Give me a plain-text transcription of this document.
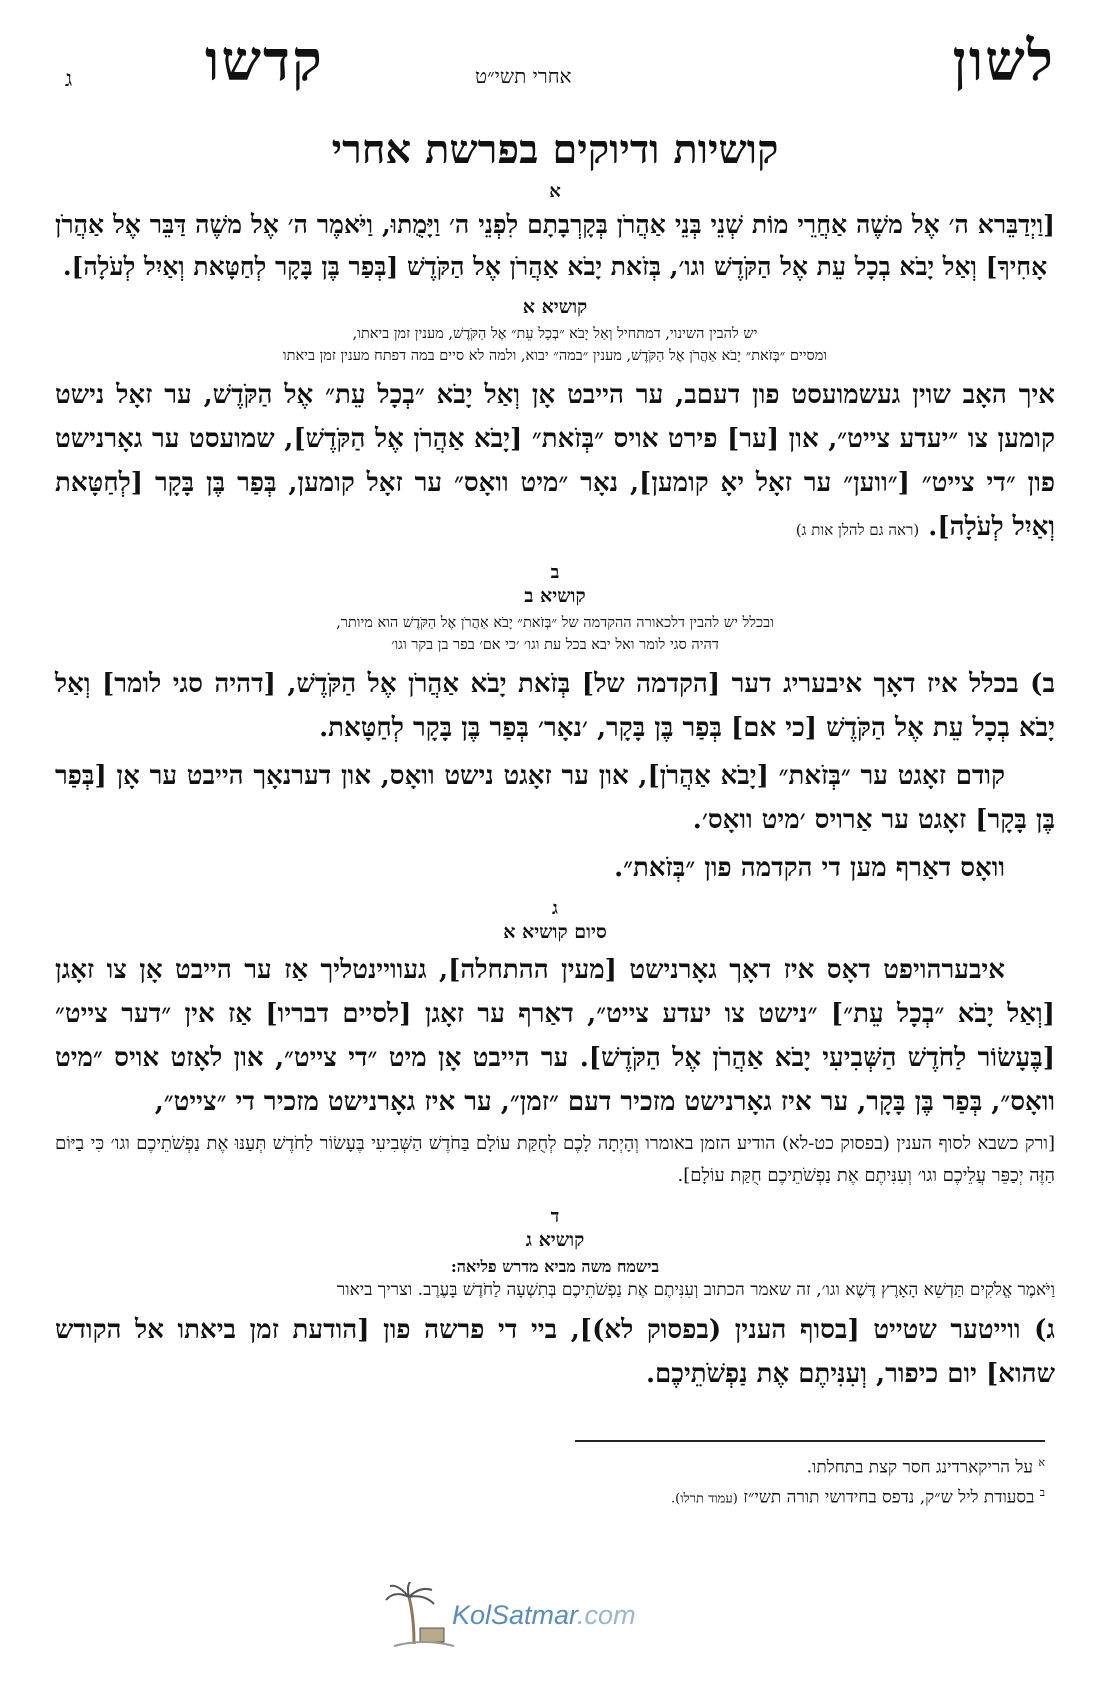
לשון
אחרי תשי״ט
קדשו
ג
קושיות ודיוקים בפרשת אחרי
א
[וַיְדַבֵּרא ה׳ אֶל משֶׁה אַחֲרֵי מוֹת שְׁנֵי בְּנֵי אַהֲרֹן בְּקָרְבָתָם לִפְנֵי ה׳ וַיָּמֻתוּ, וַיֹּאמֶר ה׳ אֶל משֶׁה דַּבֵּר אֶל אַהֲרֹן אָחִיךָ] וְאַל יָבֹא בְכָל עֵת אֶל הַקֹּדֶשׁ וגו׳, בְּזֹאת יָבֹא אַהֲרֹן אֶל הַקֹּדֶשׁ [בְּפַר בֶּן בָּקָר לְחַטָּאת וְאַיִל לְעֹלָה].
קושיא א
יש להבין השינוי, דמתחיל וְאַל יָבֹא ״בְכָל עֵת״ אֶל הַקֹּדֶשׁ, מענין זמן ביאתו,
ומסיים ״בְּזֹאת״ יָבֹא אַהֲרֹן אֶל הַקֹּדֶשׁ, מענין ״במה״ יבוא, ולמה לא סיים במה דפתח מענין זמן ביאתו
איך האָב שוין געשמועסט פון דעםב, ער הייבט אָן וְאַל יָבֹא ״בְכָל עֵת״ אֶל הַקֹּדֶשׁ, ער זאָל נישט קומען צו ״יעדע צייט״, און [ער] פירט אויס ״בְּזֹאת״ [יָבֹא אַהֲרֹן אֶל הַקֹּדֶשׁ], שמועסט ער גאָרנישט פון ״די צייט״ [״ווען״ ער זאָל יאָ קומען], נאָר ״מיט וואָס״ ער זאָל קומען, בְּפַר בֶּן בָּקָר [לְחַטָּאת וְאַיִל לְעֹלָה]. (ראה גם להלן אות ג)
ב
קושיא ב
ובכלל יש להבין דלכאורה ההקדמה של ״בְּזֹאת״ יָבֹא אַהֲרֹן אֶל הַקֹּדֶשׁ הוא מיותר,
דהיה סגי לומר ואל יבא בכל עת וגו׳ ׳כי אם׳ בפר בן בקר וגו׳
ב) בכלל איז דאָך איבעריג דער [הקדמה של] בְּזֹאת יָבֹא אַהֲרֹן אֶל הַקֹּדֶשׁ, [דהיה סגי לומר] וְאַל יָבֹא בְכָל עֵת אֶל הַקֹּדֶשׁ [כי אם] בְּפַר בֶּן בָּקָר, ׳נאָר׳ בְּפַר בֶּן בָּקָר לְחַטָּאת.
קודם זאָגט ער ״בְּזֹאת״ [יָבֹא אַהֲרֹן], און ער זאָגט נישט וואָס, און דערנאָך הייבט ער אָן [בְּפַר בֶּן בָּקָר] זאָגט ער אַרויס ׳מיט וואָס׳.
וואָס דאַרף מען די הקדמה פון ״בְּזֹאת״.
ג
סיום קושיא א
איבערהויפט דאָס איז דאָך גאָרנישט [מעין ההתחלה], געוויינטליך אַז ער הייבט אָן צו זאָגן [וְאַל יָבֹא ״בְכָל עֵת״] ״נישט צו יעדע צייט״, דאַרף ער זאָגן [לסיים דבריו] אַז אין ״דער צייט״ [בֶּעָשׂוֹר לַחֹדֶשׁ הַשְּׁבִיעִי יָבֹא אַהֲרֹן אֶל הַקֹּדֶשׁ]. ער הייבט אָן מיט ״די צייט״, און לאָזט אויס ״מיט וואָס״, בְּפַר בֶּן בָּקָר, ער איז גאָרנישט מזכיר דעם ״זמן״, ער איז גאָרנישט מזכיר די ״צייט״,
[ורק כשבא לסוף הענין (בפסוק כט-לא) הודיע הזמן באומרו וְהָיְתָה לָכֶם לְחֻקַּת עוֹלָם בַּחֹדֶשׁ הַשְּׁבִיעִי בֶּעָשׂוֹר לַחֹדֶשׁ תְּעַנּוּ אֶת נַפְשֹׁתֵיכֶם וגו׳ כִּי בַיּוֹם הַזֶּה יְכַפֵּר עֲלֵיכֶם וגו׳ וְעִנִּיתֶם אֶת נַפְשֹׁתֵיכֶם חֻקַּת עוֹלָם].
ד
קושיא ג
בישמח משה מביא מדרש פליאה:
וַיֹּאמֶר אֱלֹקִים תַּדְשֵׁא הָאָרֶץ דֶּשֶׁא וגו׳, זה שאמר הכתוב וְעִנִּיתֶם אֶת נַפְשֹׁתֵיכֶם בְּתִשְׁעָה לַחֹדֶשׁ בָּעֶרֶב. וצריך ביאור
ג) ווייטער שטייט [בסוף הענין (בפסוק לא)], ביי די פרשה פון [הודעת זמן ביאתו אל הקודש שהוא] יום כיפור, וְעִנִּיתֶם אֶת נַפְשֹׁתֵיכֶם.
$^א$ על הריקארדינג חסר קצת בתחלתו.
$^ב$ בסעודת ליל ש״ק, נדפס בחידושי תורה תשי״ז (עמוד תרלו).
KolSatmar.com
